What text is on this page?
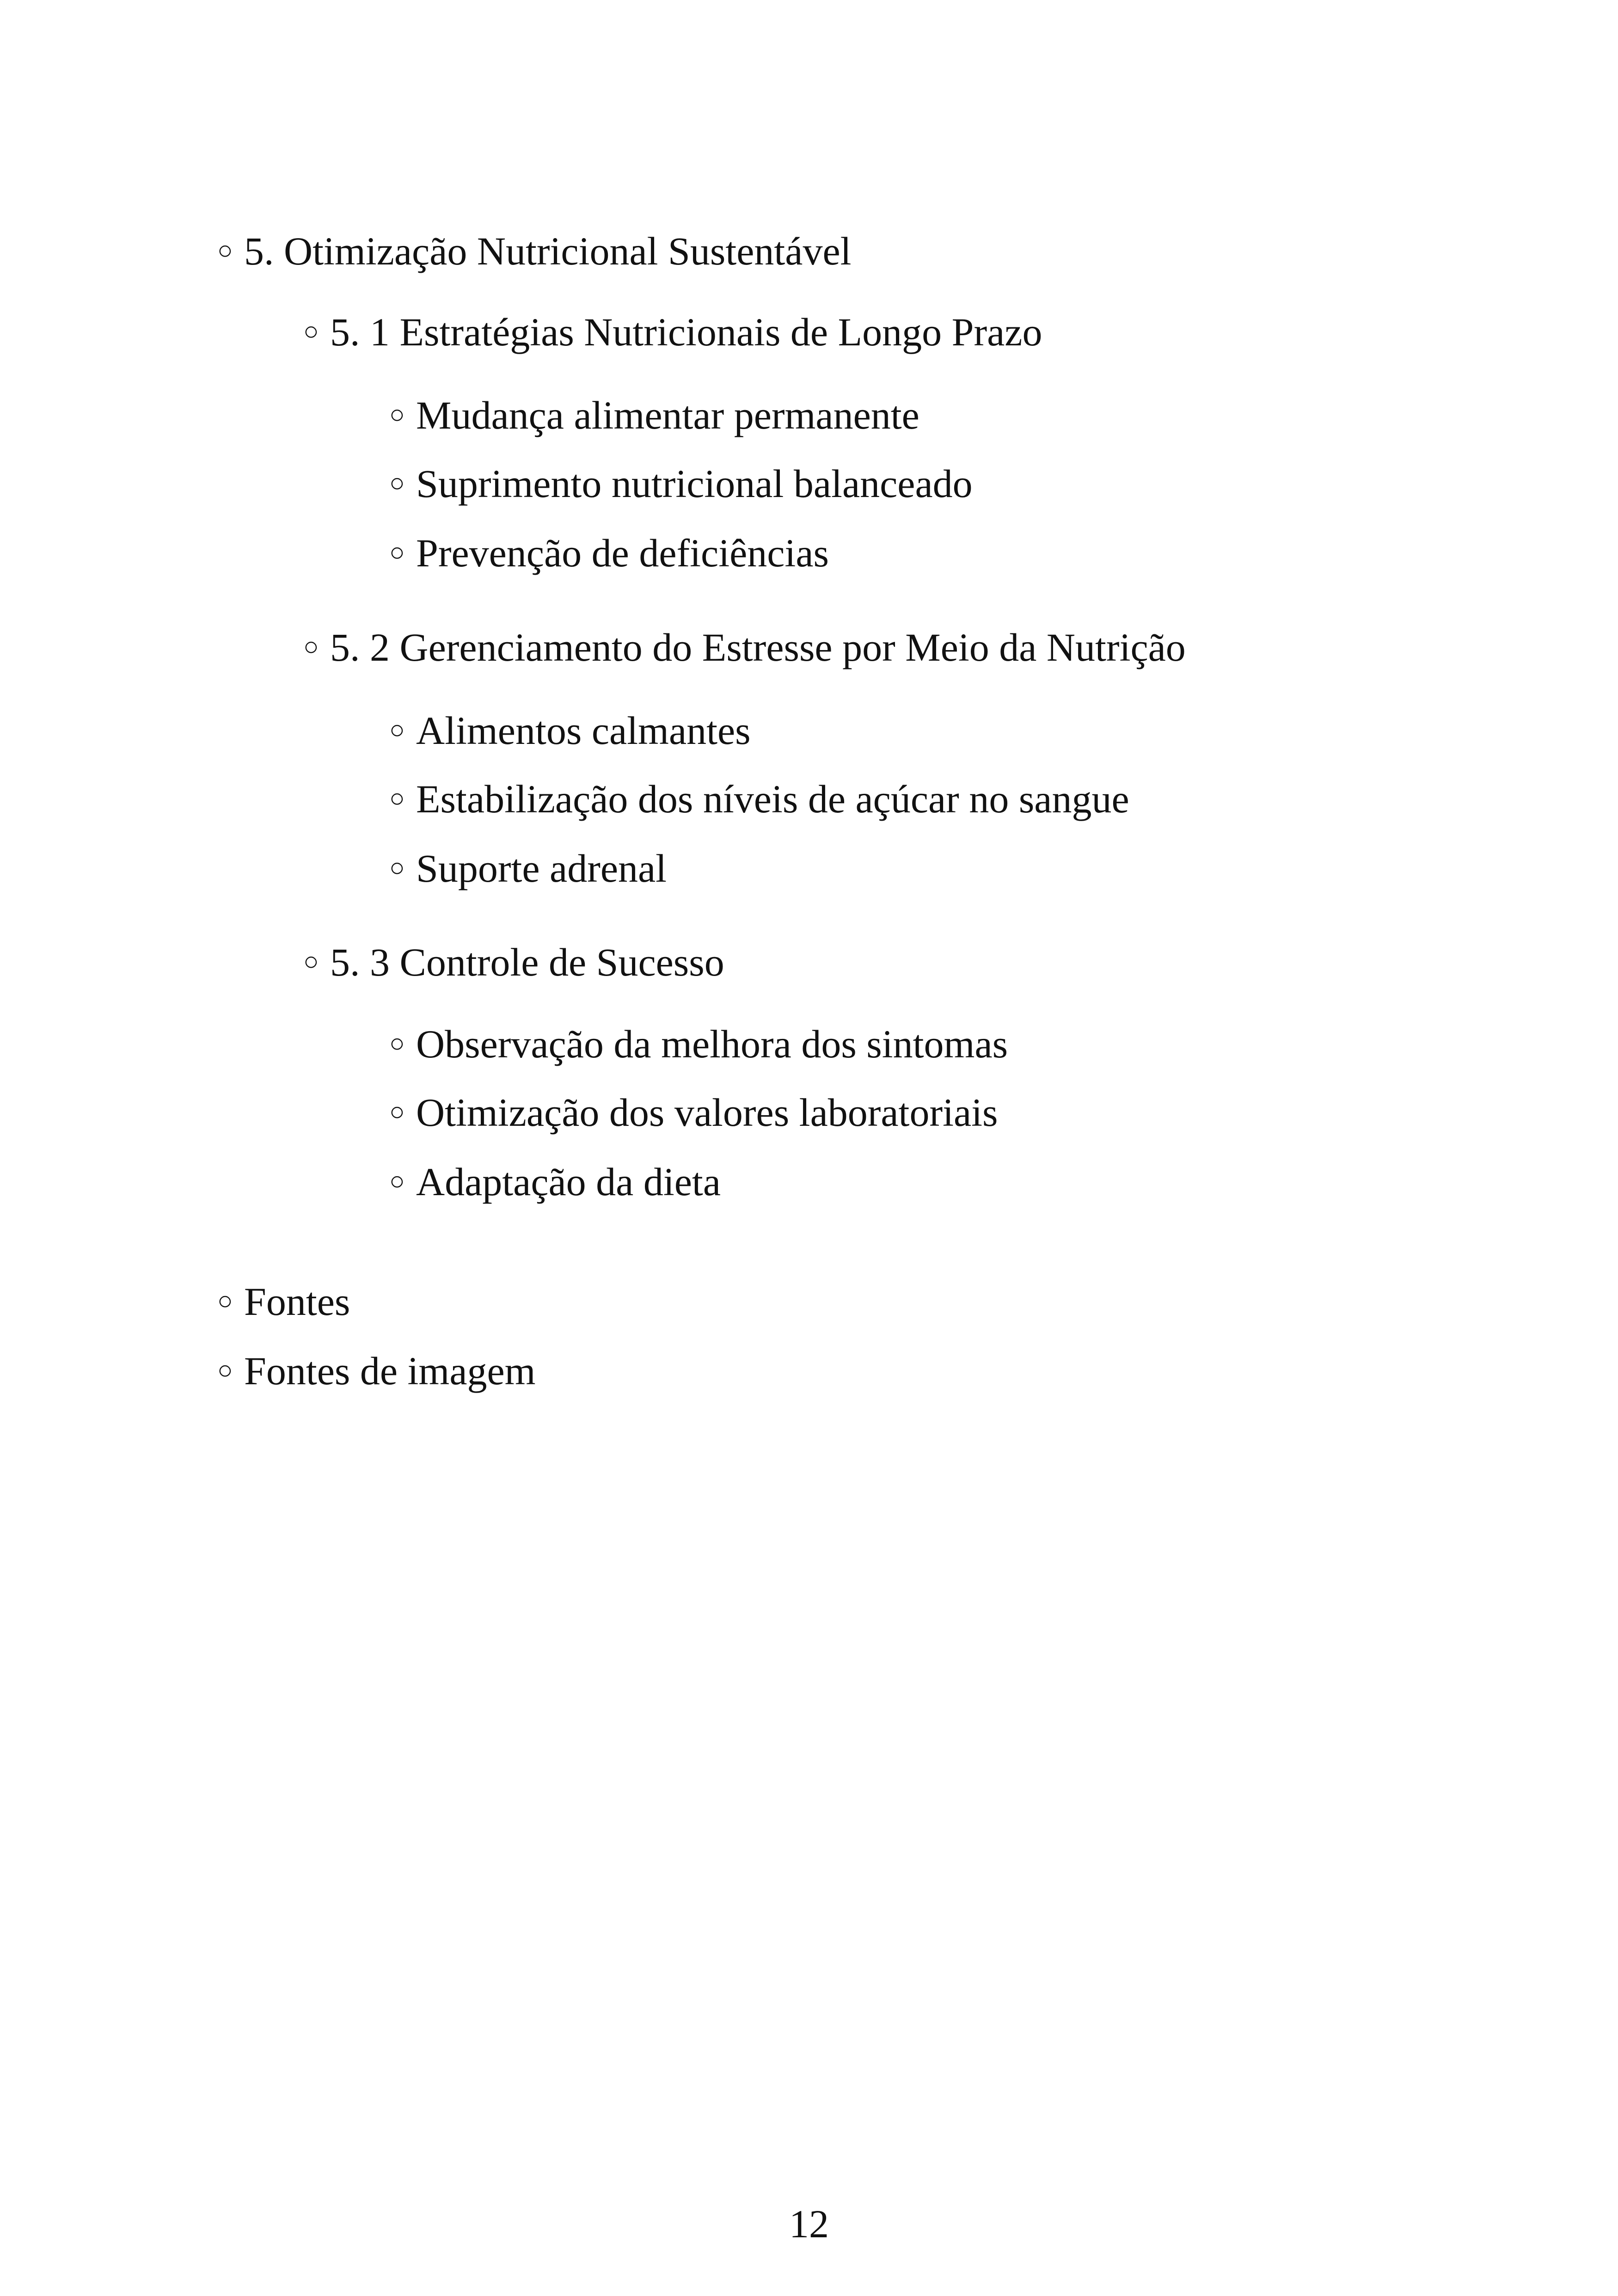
○ 5. Otimização Nutricional Sustentável
○ 5. 1 Estratégias Nutricionais de Longo Prazo
○ Mudança alimentar permanente
○ Suprimento nutricional balanceado
○ Prevenção de deficiências
○ 5. 2 Gerenciamento do Estresse por Meio da Nutrição
○ Alimentos calmantes
○ Estabilização dos níveis de açúcar no sangue
○ Suporte adrenal
○ 5. 3 Controle de Sucesso
○ Observação da melhora dos sintomas
○ Otimização dos valores laboratoriais
○ Adaptação da dieta
○ Fontes
○ Fontes de imagem
12
